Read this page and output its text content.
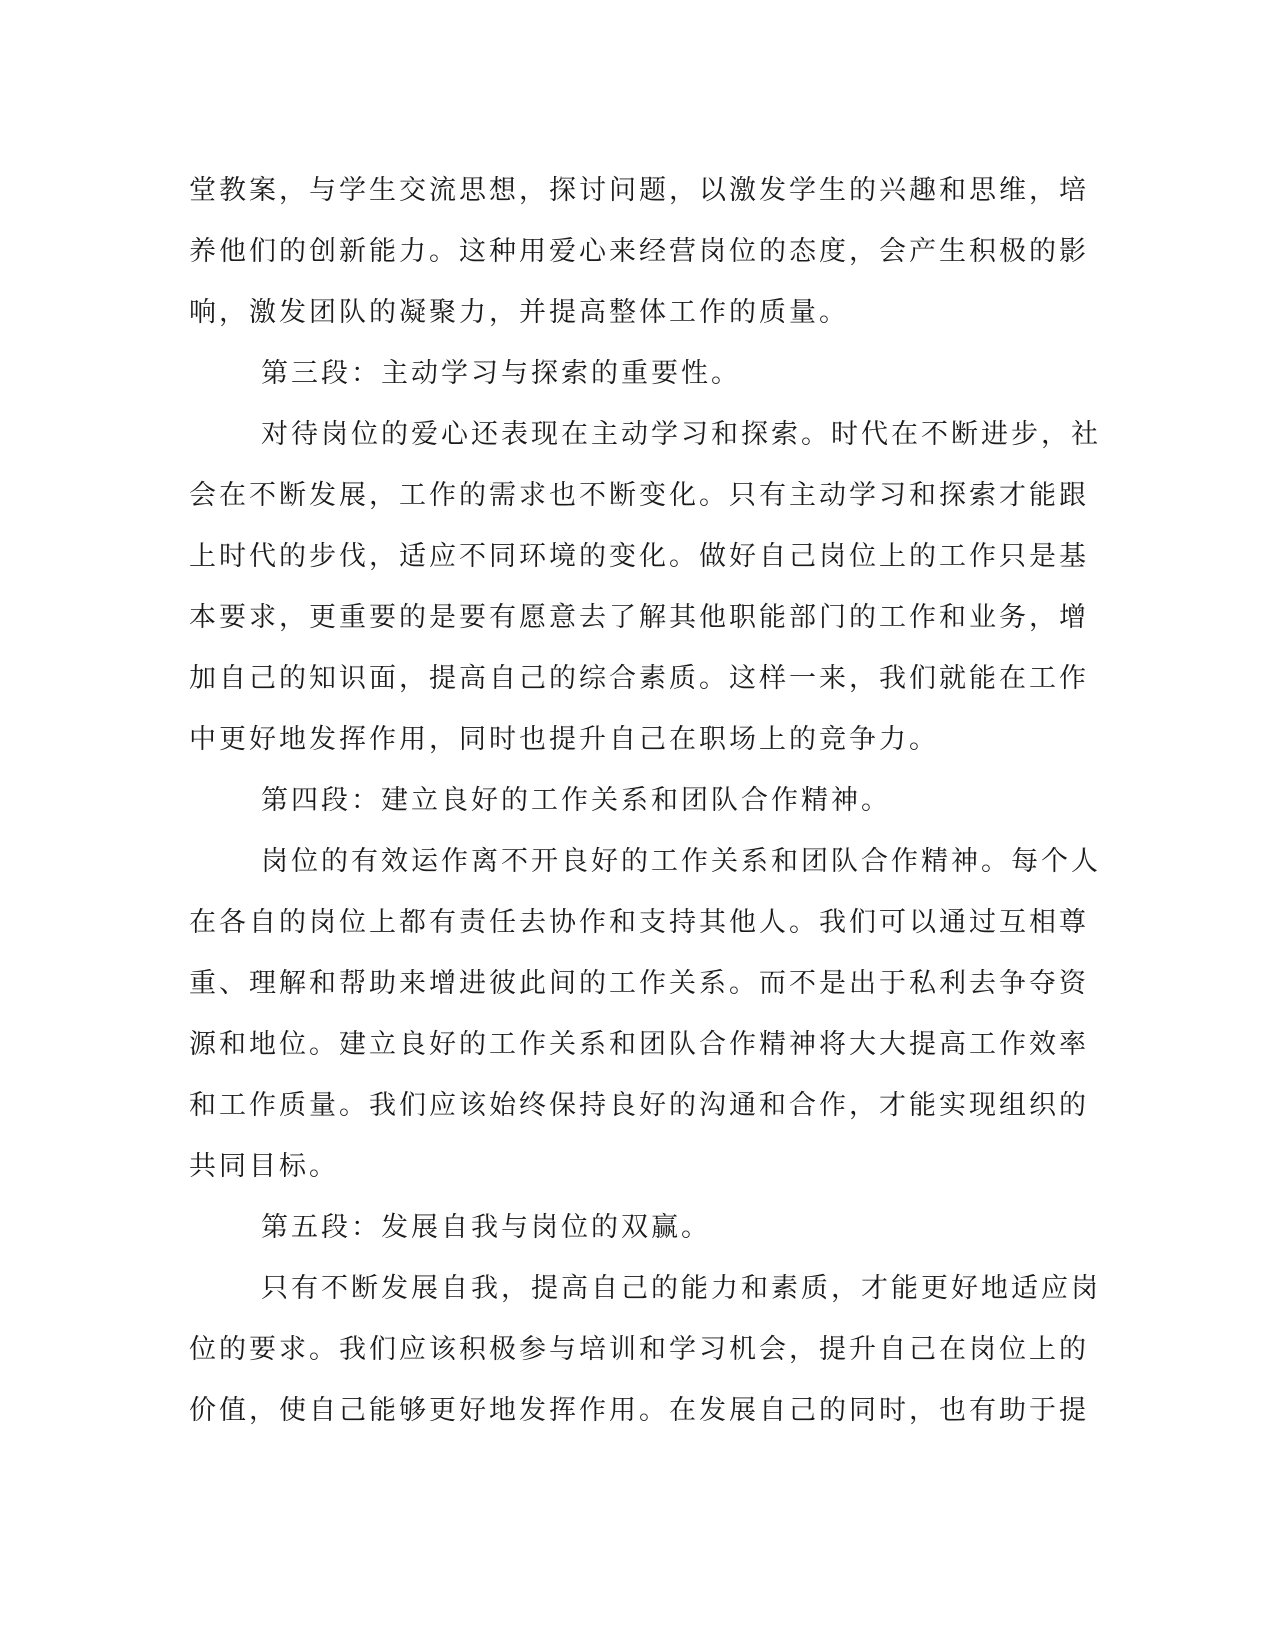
堂教案，与学生交流思想，探讨问题，以激发学生的兴趣和思维，培
养他们的创新能力。这种用爱心来经营岗位的态度，会产生积极的影
响，激发团队的凝聚力，并提高整体工作的质量。
第三段：主动学习与探索的重要性。
对待岗位的爱心还表现在主动学习和探索。时代在不断进步，社
会在不断发展，工作的需求也不断变化。只有主动学习和探索才能跟
上时代的步伐，适应不同环境的变化。做好自己岗位上的工作只是基
本要求，更重要的是要有愿意去了解其他职能部门的工作和业务，增
加自己的知识面，提高自己的综合素质。这样一来，我们就能在工作
中更好地发挥作用，同时也提升自己在职场上的竞争力。
第四段：建立良好的工作关系和团队合作精神。
岗位的有效运作离不开良好的工作关系和团队合作精神。每个人
在各自的岗位上都有责任去协作和支持其他人。我们可以通过互相尊
重、理解和帮助来增进彼此间的工作关系。而不是出于私利去争夺资
源和地位。建立良好的工作关系和团队合作精神将大大提高工作效率
和工作质量。我们应该始终保持良好的沟通和合作，才能实现组织的
共同目标。
第五段：发展自我与岗位的双赢。
只有不断发展自我，提高自己的能力和素质，才能更好地适应岗
位的要求。我们应该积极参与培训和学习机会，提升自己在岗位上的
价值，使自己能够更好地发挥作用。在发展自己的同时，也有助于提
